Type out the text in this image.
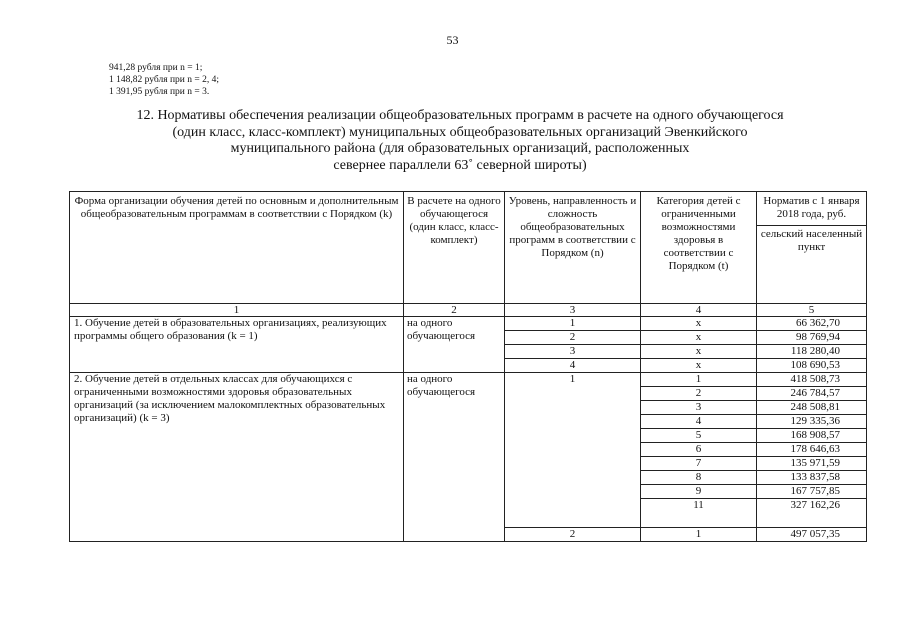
53
941,28 рубля при n = 1;
1 148,82 рубля при n = 2, 4;
1 391,95 рубля при n = 3.
12. Нормативы обеспечения реализации общеобразовательных программ в расчете на одного обучающегося
(один класс, класс-комплект) муниципальных общеобразовательных организаций Эвенкийского
муниципального района (для образовательных организаций, расположенных
севернее параллели 63˚ северной широты)
Форма организации обучения детей по основным и дополнительным общеобразовательным программам в соответствии с Порядком (k)	В расчете на одного обучающегося (один класс, класс-комплект)	Уровень, направленность и сложность общеобразовательных программ в соответствии с Порядком (n)	Категория детей с ограниченными возможностями здоровья в соответствии с Порядком (t)	Норматив с 1 января 2018 года, руб.
сельский населенный пункт

1	2	3	4	5
1. Обучение детей в образовательных организациях, реализующих программы общего образования (k = 1)	на одного обучающегося	1	x	66 362,70
		2	x	98 769,94
		3	x	118 280,40
		4	x	108 690,53
2. Обучение детей в отдельных классах для обучающихся с ограниченными возможностями здоровья образовательных организаций (за исключением малокомплектных образовательных организаций) (k = 3)	на одного обучающегося	1	1	418 508,73
			2	246 784,57
			3	248 508,81
			4	129 335,36
			5	168 908,57
			6	178 646,63
			7	135 971,59
			8	133 837,58
			9	167 757,85
			11	327 162,26
		2	1	497 057,35
